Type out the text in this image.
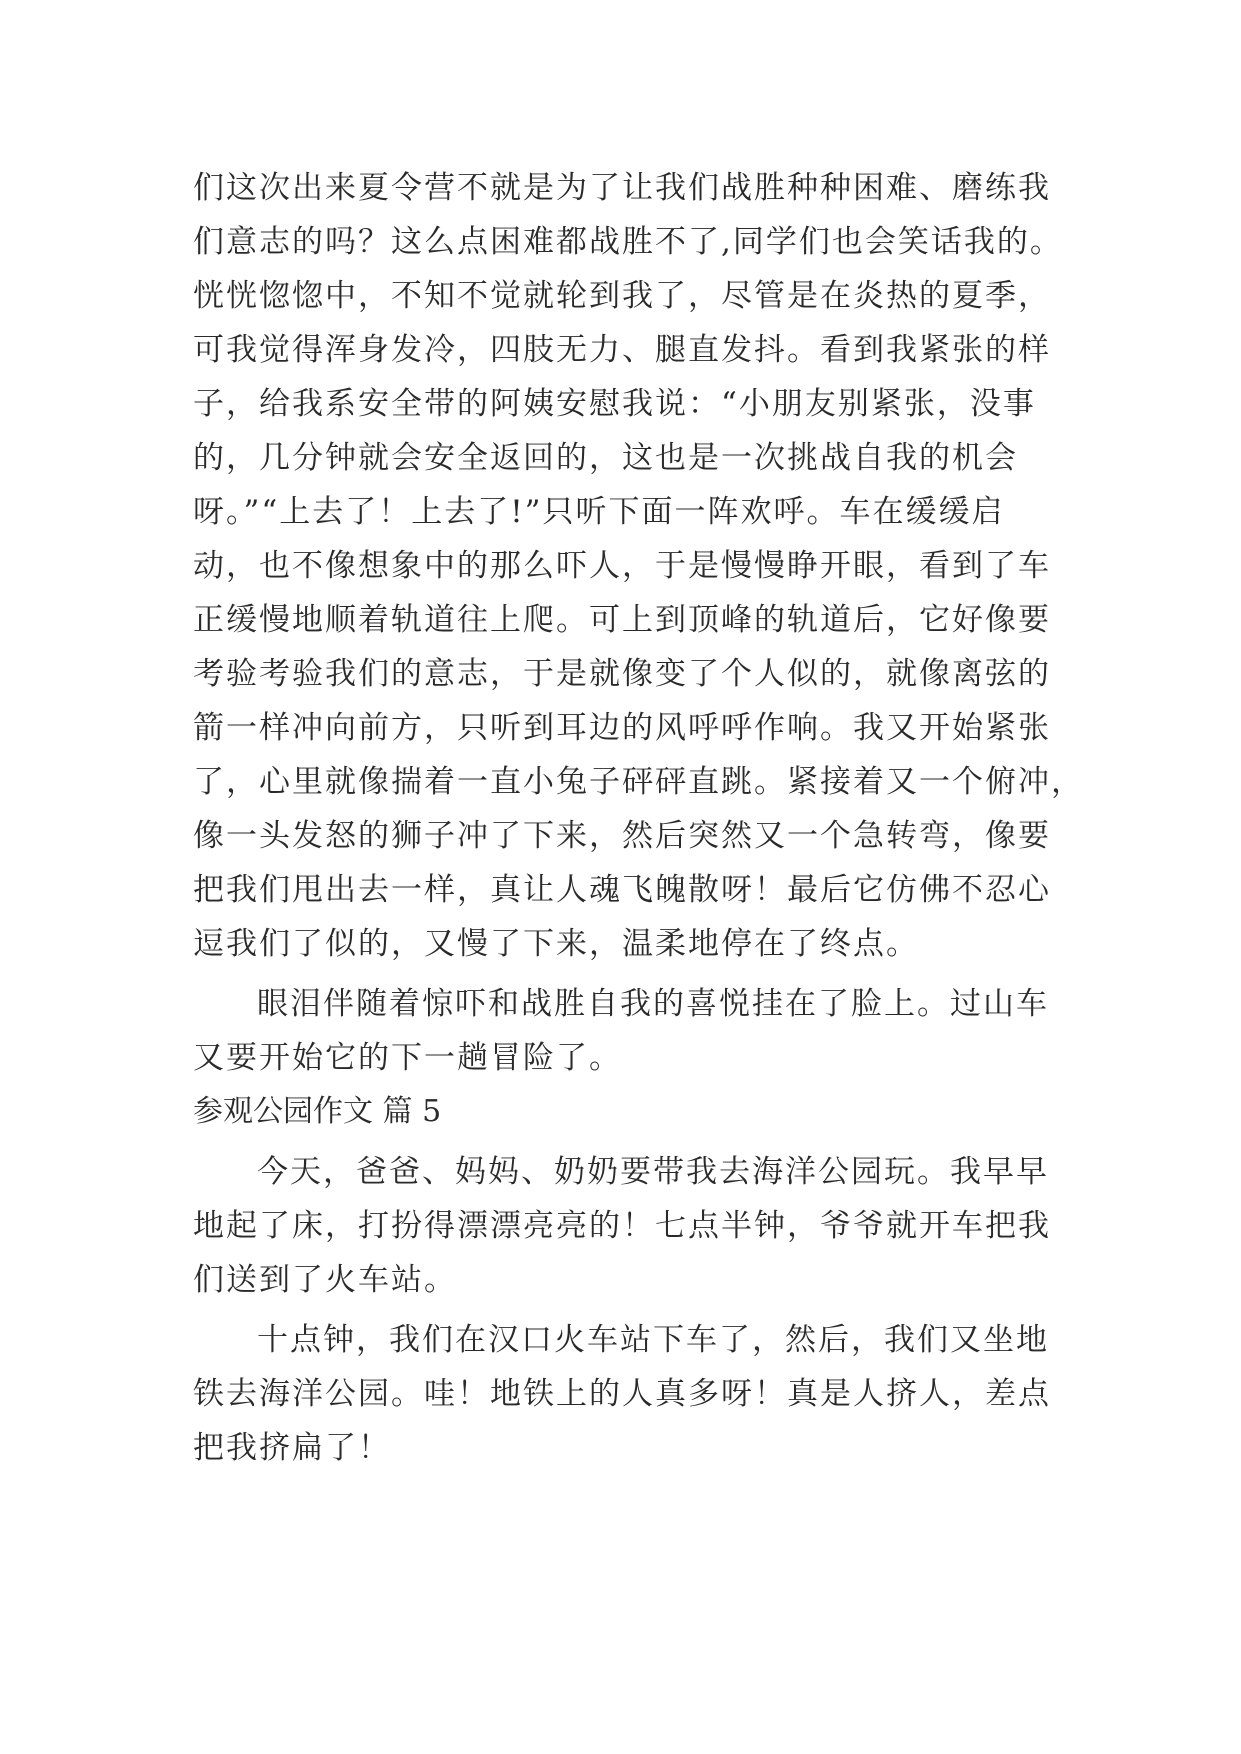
们这次出来夏令营不就是为了让我们战胜种种困难、磨练我
们意志的吗？这么点困难都战胜不了,同学们也会笑话我的。
恍恍惚惚中，不知不觉就轮到我了，尽管是在炎热的夏季，
可我觉得浑身发冷，四肢无力、腿直发抖。看到我紧张的样
子，给我系安全带的阿姨安慰我说：“小朋友别紧张，没事
的，几分钟就会安全返回的，这也是一次挑战自我的机会
呀。”“上去了！上去了!”只听下面一阵欢呼。车在缓缓启
动，也不像想象中的那么吓人，于是慢慢睁开眼，看到了车
正缓慢地顺着轨道往上爬。可上到顶峰的轨道后，它好像要
考验考验我们的意志，于是就像变了个人似的，就像离弦的
箭一样冲向前方，只听到耳边的风呼呼作响。我又开始紧张
了，心里就像揣着一直小兔子砰砰直跳。紧接着又一个俯冲，
像一头发怒的狮子冲了下来，然后突然又一个急转弯，像要
把我们甩出去一样，真让人魂飞魄散呀！最后它仿佛不忍心
逗我们了似的，又慢了下来，温柔地停在了终点。
眼泪伴随着惊吓和战胜自我的喜悦挂在了脸上。过山车
又要开始它的下一趟冒险了。
参观公园作文 篇 5
今天，爸爸、妈妈、奶奶要带我去海洋公园玩。我早早
地起了床，打扮得漂漂亮亮的！七点半钟，爷爷就开车把我
们送到了火车站。
十点钟，我们在汉口火车站下车了，然后，我们又坐地
铁去海洋公园。哇！地铁上的人真多呀！真是人挤人，差点
把我挤扁了！
